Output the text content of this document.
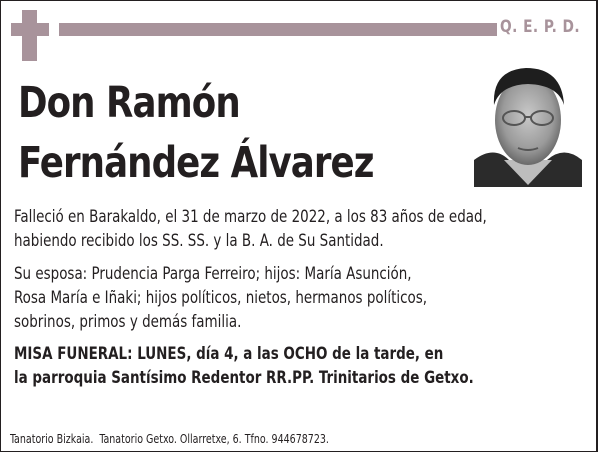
Q. E. P. D.
Don Ramón
Fernández Álvarez
Falleció en Barakaldo, el 31 de marzo de 2022, a los 83 años de edad,
habiendo recibido los SS. SS. y la B. A. de Su Santidad.
Su esposa: Prudencia Parga Ferreiro; hijos: María Asunción,
Rosa María e Iñaki; hijos políticos, nietos, hermanos políticos,
sobrinos, primos y demás familia.
MISA FUNERAL: LUNES, día 4, a las OCHO de la tarde, en
la parroquia Santísimo Redentor RR.PP. Trinitarios de Getxo.
Tanatorio Bizkaia.  Tanatorio Getxo. Ollarretxe, 6. Tfno. 944678723.
